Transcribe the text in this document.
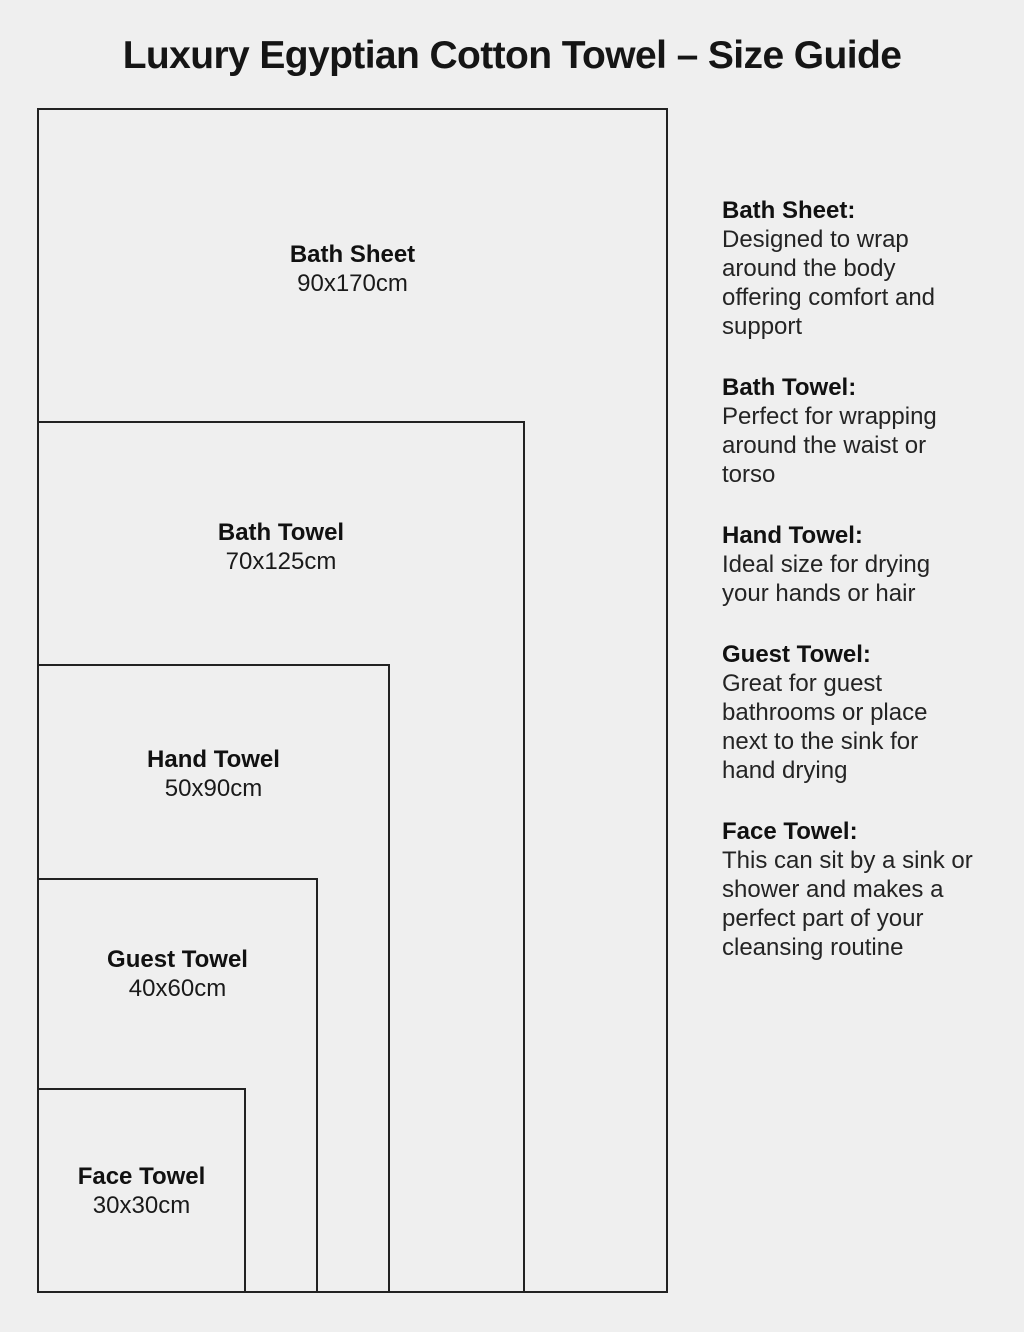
Luxury Egyptian Cotton Towel – Size Guide
Bath Sheet
90x170cm
Bath Towel
70x125cm
Hand Towel
50x90cm
Guest Towel
40x60cm
Face Towel
30x30cm
Bath Sheet:

Designed to wrap around the body offering comfort and support

Bath Towel:

Perfect for wrapping around the waist or torso

Hand Towel:

Ideal size for drying your hands or hair

Guest Towel:

Great for guest bathrooms or place next to the sink for hand drying

Face Towel:

This can sit by a sink or shower and makes a perfect part of your cleansing routine
